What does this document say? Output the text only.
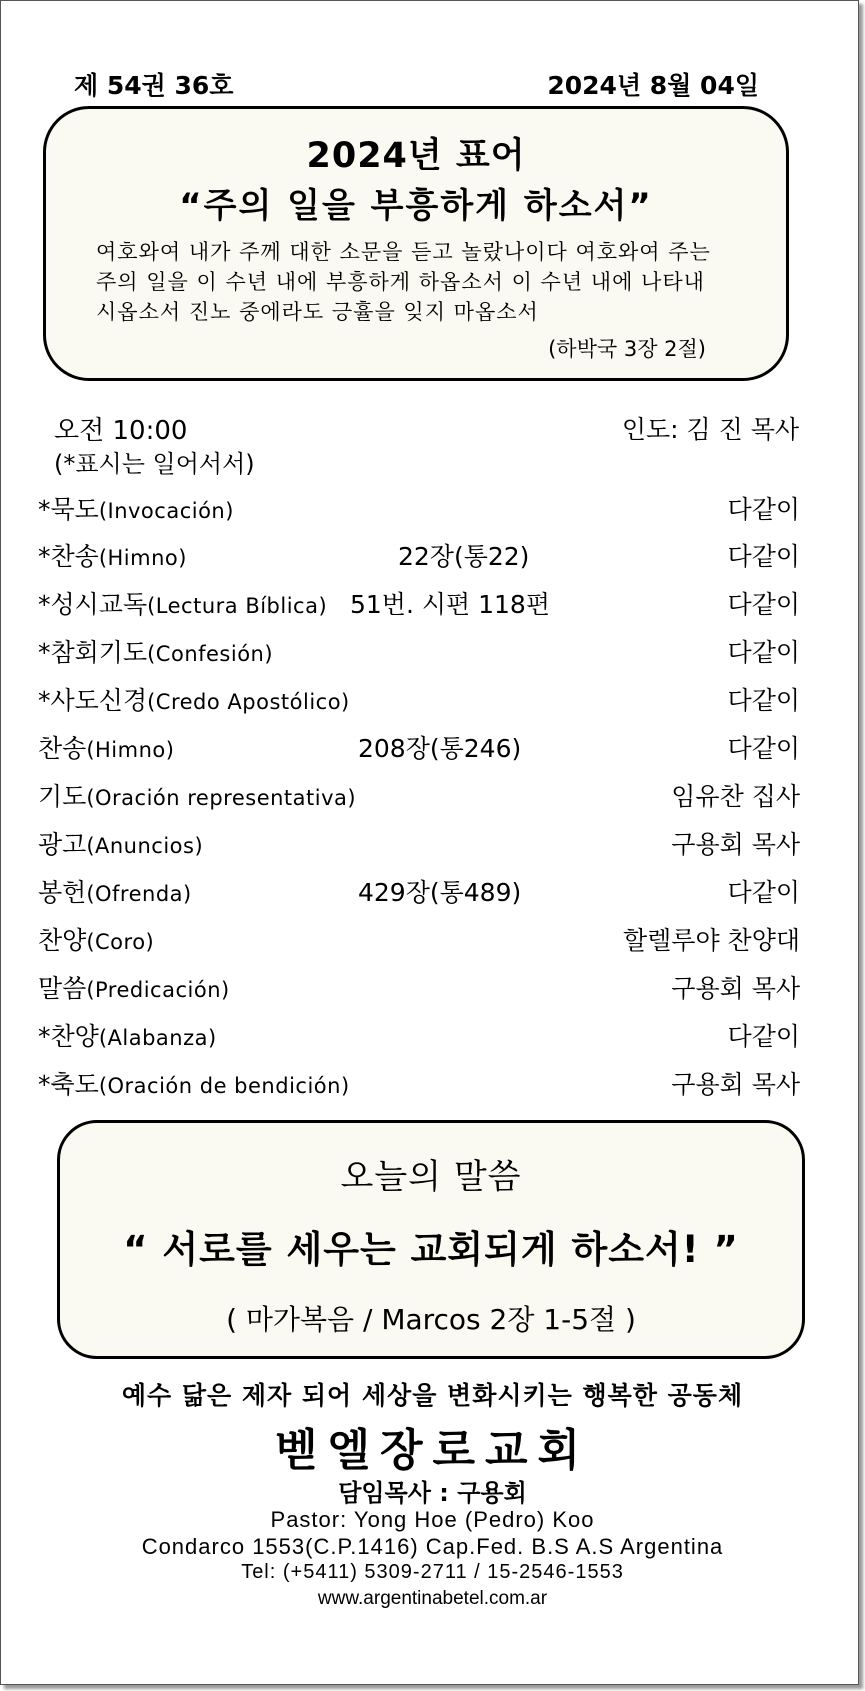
제 54권 36호	2024년 8월 04일
2024년 표어
“주의 일을 부흥하게 하소서”
여호와여 내가 주께 대한 소문을 듣고 놀랐나이다 여호와여 주는
주의 일을 이 수년 내에 부흥하게 하옵소서 이 수년 내에 나타내
시옵소서 진노 중에라도 긍휼을 잊지 마옵소서
(하박국 3장 2절)
오전 10:00	인도: 김 진 목사
(*표시는 일어서서)
*묵도(Invocación)	다같이
*찬송(Himno)	22장(통22)	다같이
*성시교독(Lectura Bíblica) 51번. 시편 118편	다같이
*참회기도(Confesión)	다같이
*사도신경(Credo Apostólico)	다같이
찬송(Himno)	208장(통246)	다같이
기도(Oración representativa)	임유찬 집사
광고(Anuncios)	구용회 목사
봉헌(Ofrenda)	429장(통489)	다같이
찬양(Coro)	할렐루야 찬양대
말씀(Predicación)	구용회 목사
*찬양(Alabanza)	다같이
*축도(Oración de bendición)	구용회 목사
오늘의 말씀
“ 서로를 세우는 교회되게 하소서! ”
( 마가복음 / Marcos 2장 1-5절 )
예수 닮은 제자 되어 세상을 변화시키는 행복한 공동체
벧엘장로교회
담임목사 : 구용회
Pastor: Yong Hoe (Pedro) Koo
Condarco 1553(C.P.1416) Cap.Fed. B.S A.S Argentina
Tel: (+5411) 5309-2711 / 15-2546-1553
www.argentinabetel.com.ar
